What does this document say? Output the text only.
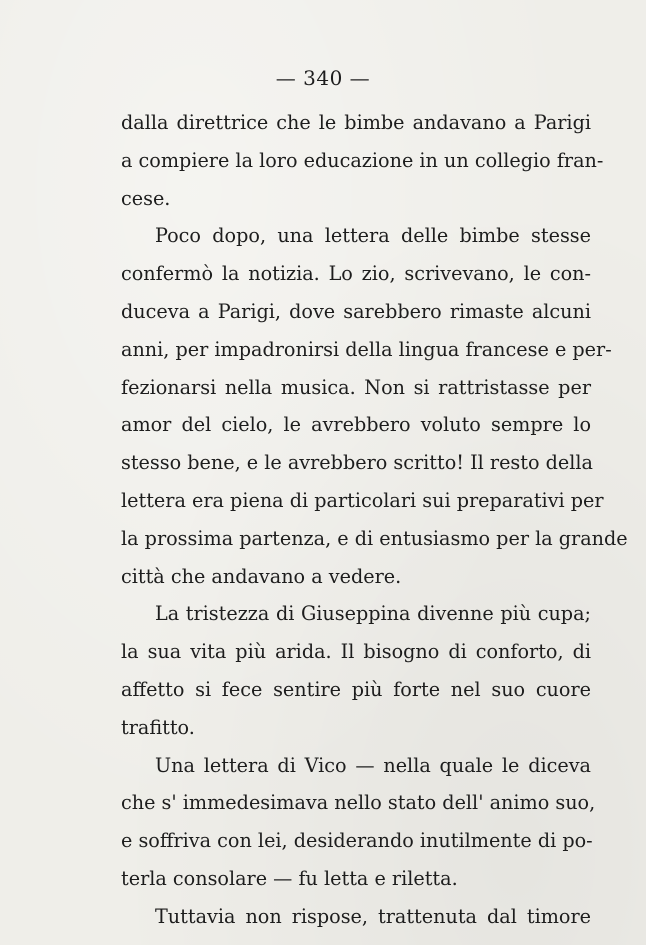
— 340 —
dalla direttrice che le bimbe andavano a Parigi
a compiere la loro educazione in un collegio fran-
cese.
Poco dopo, una lettera delle bimbe stesse
confermò la notizia. Lo zio, scrivevano, le con-
duceva a Parigi, dove sarebbero rimaste alcuni
anni, per impadronirsi della lingua francese e per-
fezionarsi nella musica. Non si rattristasse per
amor del cielo, le avrebbero voluto sempre lo
stesso bene, e le avrebbero scritto! Il resto della
lettera era piena di particolari sui preparativi per
la prossima partenza, e di entusiasmo per la grande
città che andavano a vedere.
La tristezza di Giuseppina divenne più cupa;
la sua vita più arida. Il bisogno di conforto, di
affetto si fece sentire più forte nel suo cuore
trafitto.
Una lettera di Vico — nella quale le diceva
che s' immedesimava nello stato dell' animo suo,
e soffriva con lei, desiderando inutilmente di po-
terla consolare — fu letta e riletta.
Tuttavia non rispose, trattenuta dal timore
